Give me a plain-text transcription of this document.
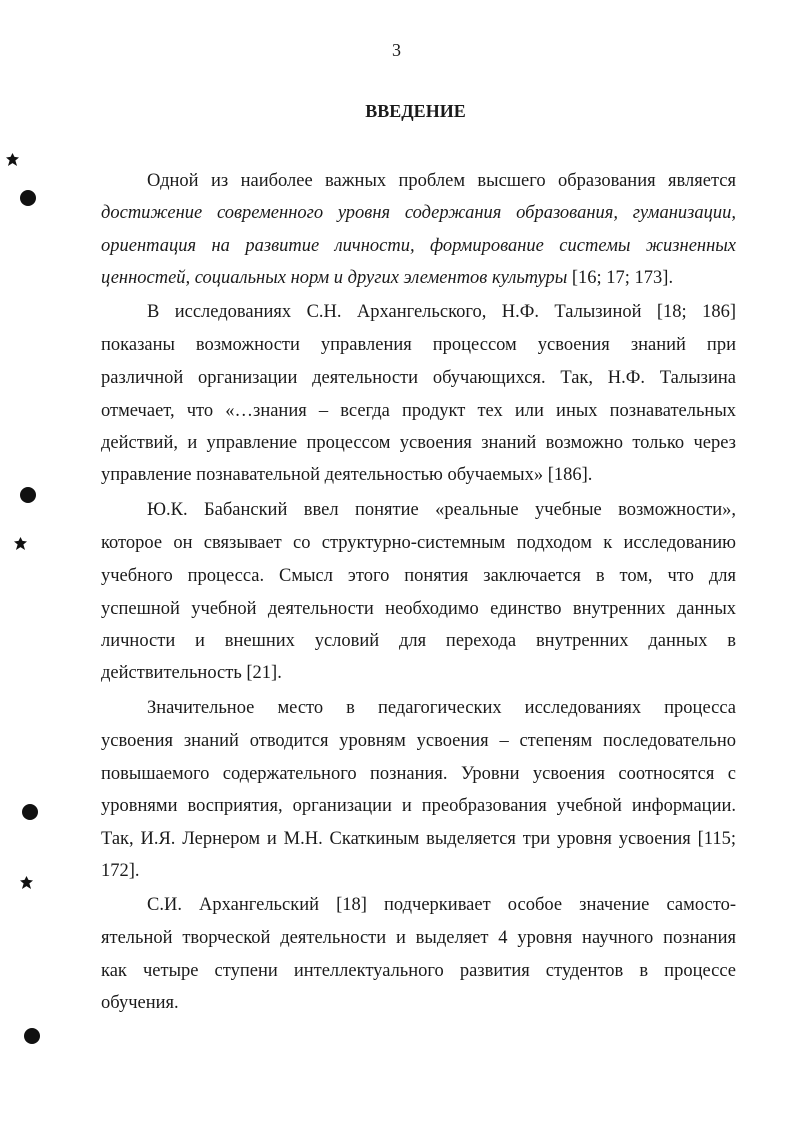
3
ВВЕДЕНИЕ
Одной из наиболее важных проблем высшего образования является
достижение современного уровня содержания образования, гуманизации,
ориентация на развитие личности, формирование системы жизненных
ценностей, социальных норм и других элементов культуры [16; 17; 173].
В исследованиях С.Н. Архангельского, Н.Ф. Талызиной [18; 186]
показаны возможности управления процессом усвоения знаний при
различной организации деятельности обучающихся. Так, Н.Ф. Талызина
отмечает, что «…знания – всегда продукт тех или иных познавательных
действий, и управление процессом усвоения знаний возможно только через
управление познавательной деятельностью обучаемых» [186].
Ю.К. Бабанский ввел понятие «реальные учебные возможности»,
которое он связывает со структурно-системным подходом к исследованию
учебного процесса. Смысл этого понятия заключается в том, что для
успешной учебной деятельности необходимо единство внутренних данных
личности и внешних условий для перехода внутренних данных в
действительность [21].
Значительное место в педагогических исследованиях процесса
усвоения знаний отводится уровням усвоения – степеням последовательно
повышаемого содержательного познания. Уровни усвоения соотносятся с
уровнями восприятия, организации и преобразования учебной информации.
Так, И.Я. Лернером и М.Н. Скаткиным выделяется три уровня усвоения [115;
172].
С.И. Архангельский [18] подчеркивает особое значение самосто-
ятельной творческой деятельности и выделяет 4 уровня научного познания
как четыре ступени интеллектуального развития студентов в процессе
обучения.
